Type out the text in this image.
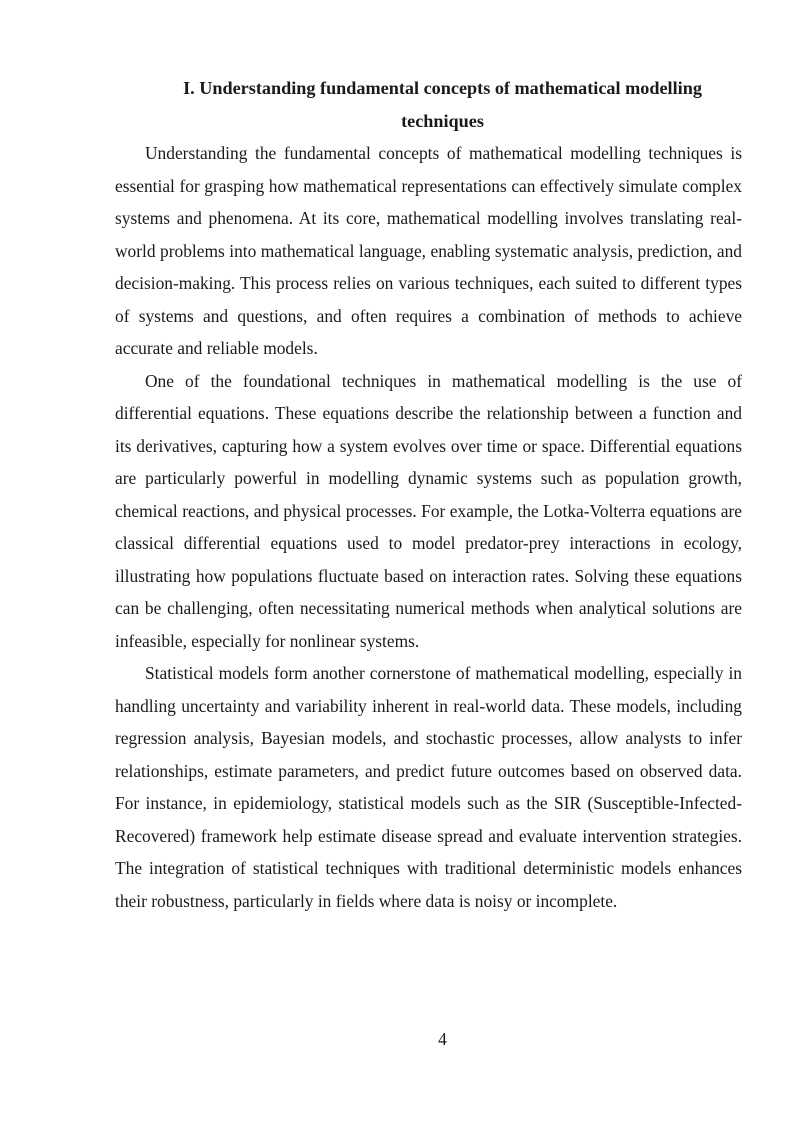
I. Understanding fundamental concepts of mathematical modelling
techniques

Understanding the fundamental concepts of mathematical modelling techniques is essential for grasping how mathematical representations can effectively simulate complex systems and phenomena. At its core, mathematical modelling involves translating real-world problems into mathematical language, enabling systematic analysis, prediction, and decision-making. This process relies on various techniques, each suited to different types of systems and questions, and often requires a combination of methods to achieve accurate and reliable models.

One of the foundational techniques in mathematical modelling is the use of differential equations. These equations describe the relationship between a function and its derivatives, capturing how a system evolves over time or space. Differential equations are particularly powerful in modelling dynamic systems such as population growth, chemical reactions, and physical processes. For example, the Lotka-Volterra equations are classical differential equations used to model predator-prey interactions in ecology, illustrating how populations fluctuate based on interaction rates. Solving these equations can be challenging, often necessitating numerical methods when analytical solutions are infeasible, especially for nonlinear systems.

Statistical models form another cornerstone of mathematical modelling, especially in handling uncertainty and variability inherent in real-world data. These models, including regression analysis, Bayesian models, and stochastic processes, allow analysts to infer relationships, estimate parameters, and predict future outcomes based on observed data. For instance, in epidemiology, statistical models such as the SIR (Susceptible-Infected-Recovered) framework help estimate disease spread and evaluate intervention strategies. The integration of statistical techniques with traditional deterministic models enhances their robustness, particularly in fields where data is noisy or incomplete.

4
